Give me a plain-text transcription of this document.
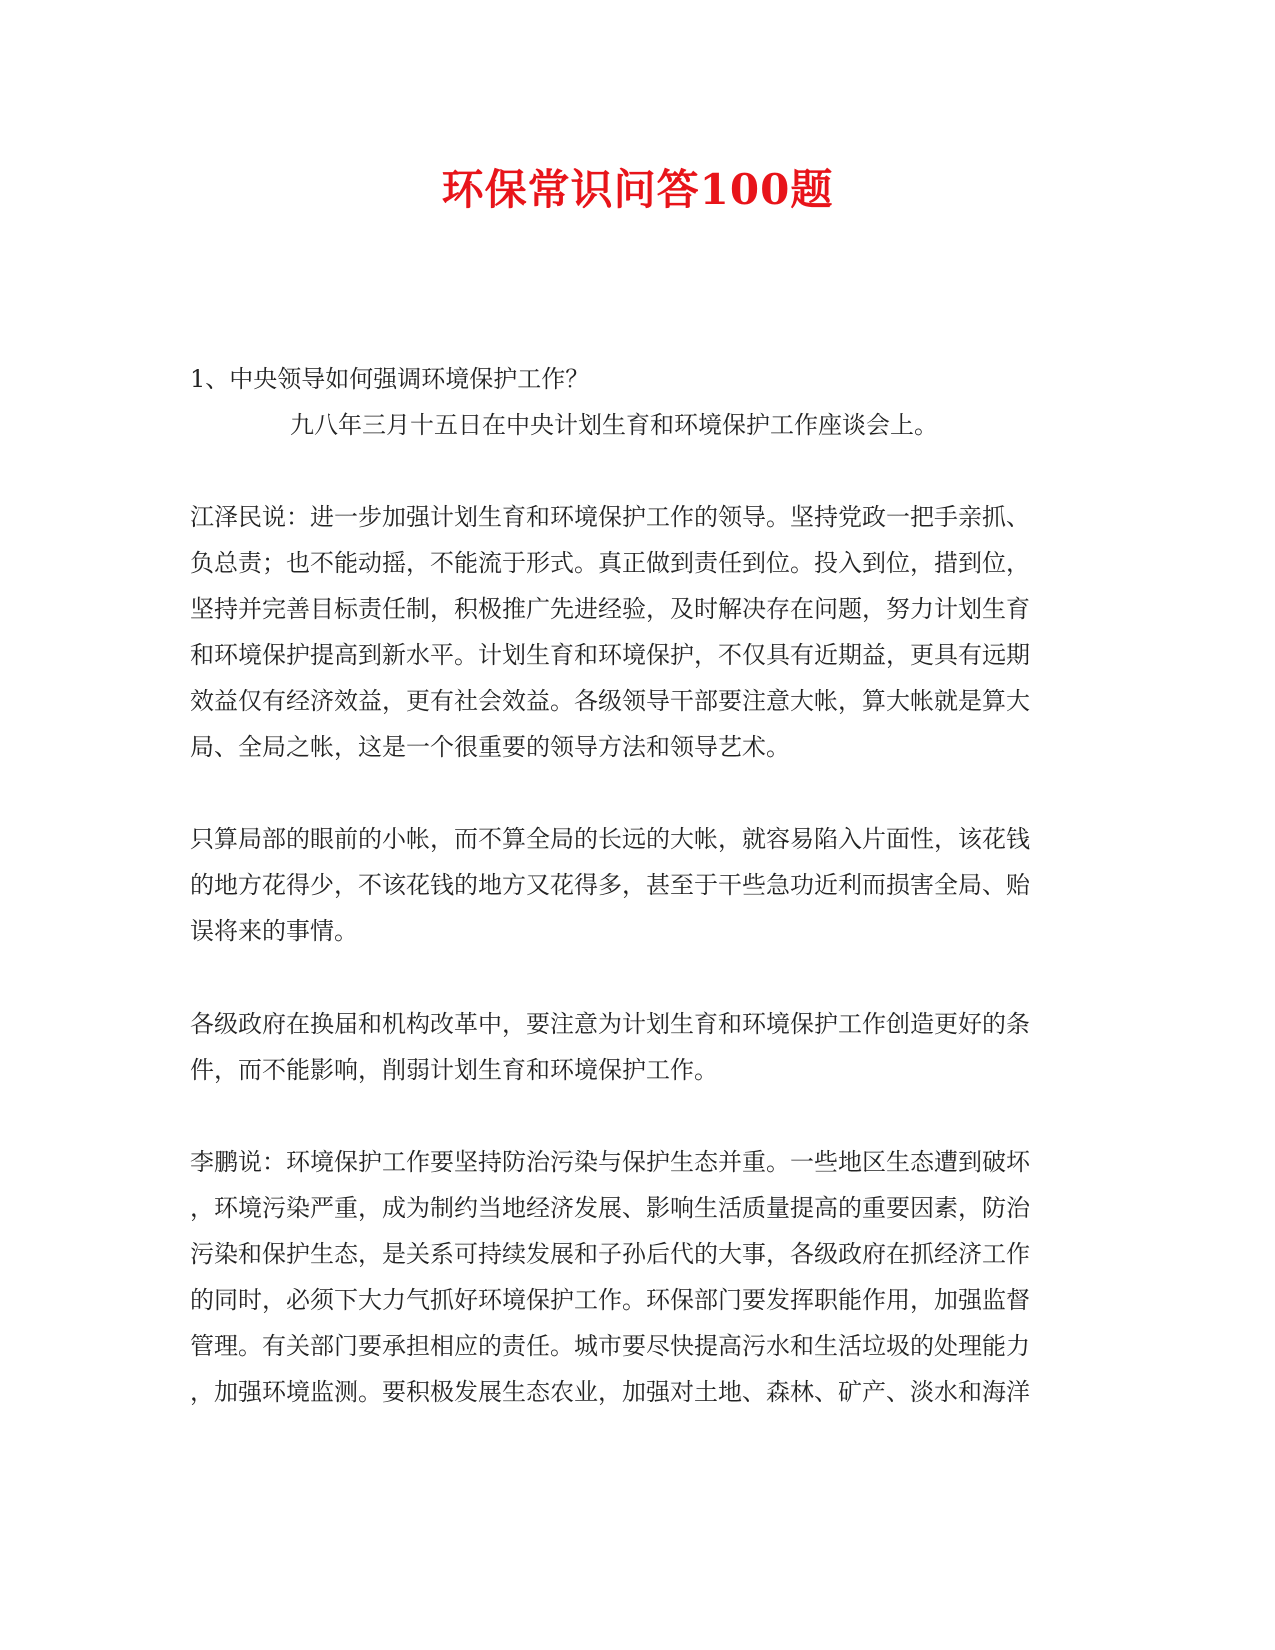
环保常识问答100题
1、中央领导如何强调环境保护工作？
九八年三月十五日在中央计划生育和环境保护工作座谈会上。
江泽民说：进一步加强计划生育和环境保护工作的领导。坚持党政一把手亲抓、
负总责；也不能动摇，不能流于形式。真正做到责任到位。投入到位，措到位，
坚持并完善目标责任制，积极推广先进经验，及时解决存在问题，努力计划生育
和环境保护提高到新水平。计划生育和环境保护，不仅具有近期益，更具有远期
效益仅有经济效益，更有社会效益。各级领导干部要注意大帐，算大帐就是算大
局、全局之帐，这是一个很重要的领导方法和领导艺术。
只算局部的眼前的小帐，而不算全局的长远的大帐，就容易陷入片面性，该花钱
的地方花得少，不该花钱的地方又花得多，甚至于干些急功近利而损害全局、贻
误将来的事情。
各级政府在换届和机构改革中，要注意为计划生育和环境保护工作创造更好的条
件，而不能影响，削弱计划生育和环境保护工作。
李鹏说：环境保护工作要坚持防治污染与保护生态并重。一些地区生态遭到破坏
，环境污染严重，成为制约当地经济发展、影响生活质量提高的重要因素，防治
污染和保护生态，是关系可持续发展和子孙后代的大事，各级政府在抓经济工作
的同时，必须下大力气抓好环境保护工作。环保部门要发挥职能作用，加强监督
管理。有关部门要承担相应的责任。城市要尽快提高污水和生活垃圾的处理能力
，加强环境监测。要积极发展生态农业，加强对土地、森林、矿产、淡水和海洋
